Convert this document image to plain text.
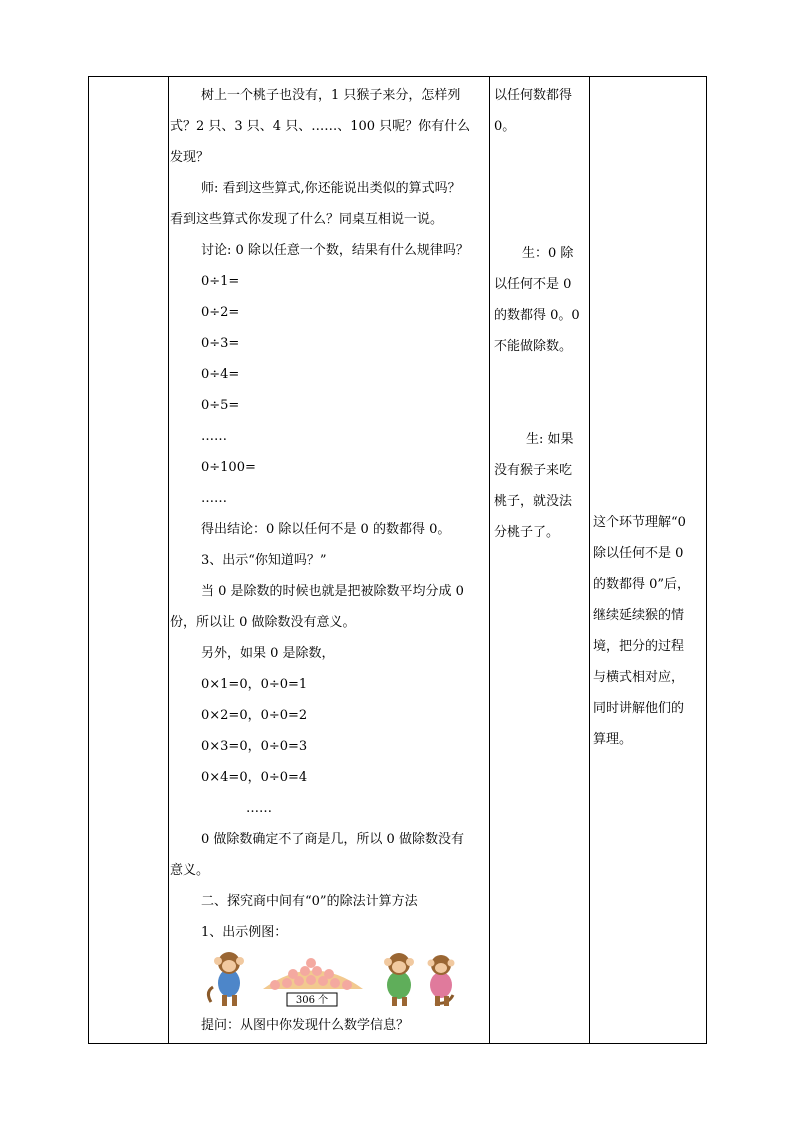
树上一个桃子也没有，1 只猴子来分，怎样列

式？2 只、3 只、4 只、……、100 只呢？你有什么

发现？

师: 看到这些算式,你还能说出类似的算式吗？

看到这些算式你发现了什么？同桌互相说一说。

讨论: 0 除以任意一个数，结果有什么规律吗？

0÷1=

0÷2=

0÷3=

0÷4=

0÷5=

……

0÷100=

……

得出结论：0 除以任何不是 0 的数都得 0。

3、出示“你知道吗？”

当 0 是除数的时候也就是把被除数平均分成 0

份，所以让 0 做除数没有意义。

另外，如果 0 是除数，

0×1=0，0÷0=1

0×2=0，0÷0=2

0×3=0，0÷0=3

0×4=0，0÷0=4

……

0 做除数确定不了商是几，所以 0 做除数没有

意义。

二、探究商中间有“0”的除法计算方法

1、出示例图：

提问：从图中你发现什么数学信息？

以任何数都得

0。

生：0 除

以任何不是 0

的数都得 0。0

不能做除数。

生: 如果

没有猴子来吃

桃子，就没法

分桃子了。

这个环节理解“0

除以任何不是 0

的数都得 0”后，

继续延续猴的情

境，把分的过程

与横式相对应，

同时讲解他们的

算理。

306 个
